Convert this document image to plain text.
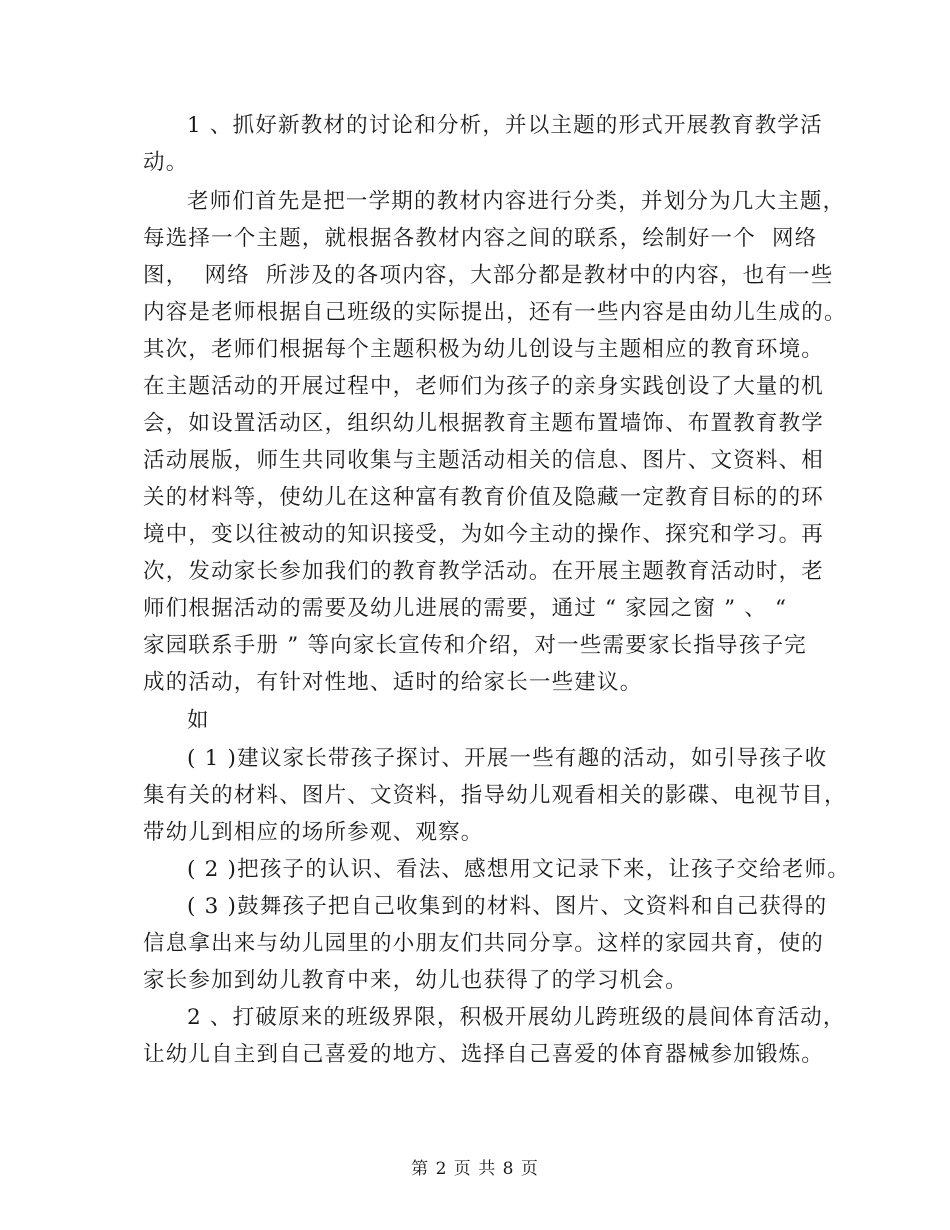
1 、抓好新教材的讨论和分析，并以主题的形式开展教育教学活
动。
老师们首先是把一学期的教材内容进行分类，并划分为几大主题，
每选择一个主题，就根据各教材内容之间的联系，绘制好一个  网络
图，  网络  所涉及的各项内容，大部分都是教材中的内容，也有一些
内容是老师根据自己班级的实际提出，还有一些内容是由幼儿生成的。
其次，老师们根据每个主题积极为幼儿创设与主题相应的教育环境。
在主题活动的开展过程中，老师们为孩子的亲身实践创设了大量的机
会，如设置活动区，组织幼儿根据教育主题布置墙饰、布置教育教学
活动展版，师生共同收集与主题活动相关的信息、图片、文资料、相
关的材料等，使幼儿在这种富有教育价值及隐藏一定教育目标的的环
境中，变以往被动的知识接受，为如今主动的操作、探究和学习。再
次，发动家长参加我们的教育教学活动。在开展主题教育活动时，老
师们根据活动的需要及幼儿进展的需要，通过 “ 家园之窗 ” 、 “
家园联系手册 ” 等向家长宣传和介绍，对一些需要家长指导孩子完
成的活动，有针对性地、适时的给家长一些建议。
如
( 1 )建议家长带孩子探讨、开展一些有趣的活动，如引导孩子收
集有关的材料、图片、文资料，指导幼儿观看相关的影碟、电视节目，
带幼儿到相应的场所参观、观察。
( 2 )把孩子的认识、看法、感想用文记录下来，让孩子交给老师。
( 3 )鼓舞孩子把自己收集到的材料、图片、文资料和自己获得的
信息拿出来与幼儿园里的小朋友们共同分享。这样的家园共育，使的
家长参加到幼儿教育中来，幼儿也获得了的学习机会。
2 、打破原来的班级界限，积极开展幼儿跨班级的晨间体育活动，
让幼儿自主到自己喜爱的地方、选择自己喜爱的体育器械参加锻炼。
第 2 页 共 8 页
